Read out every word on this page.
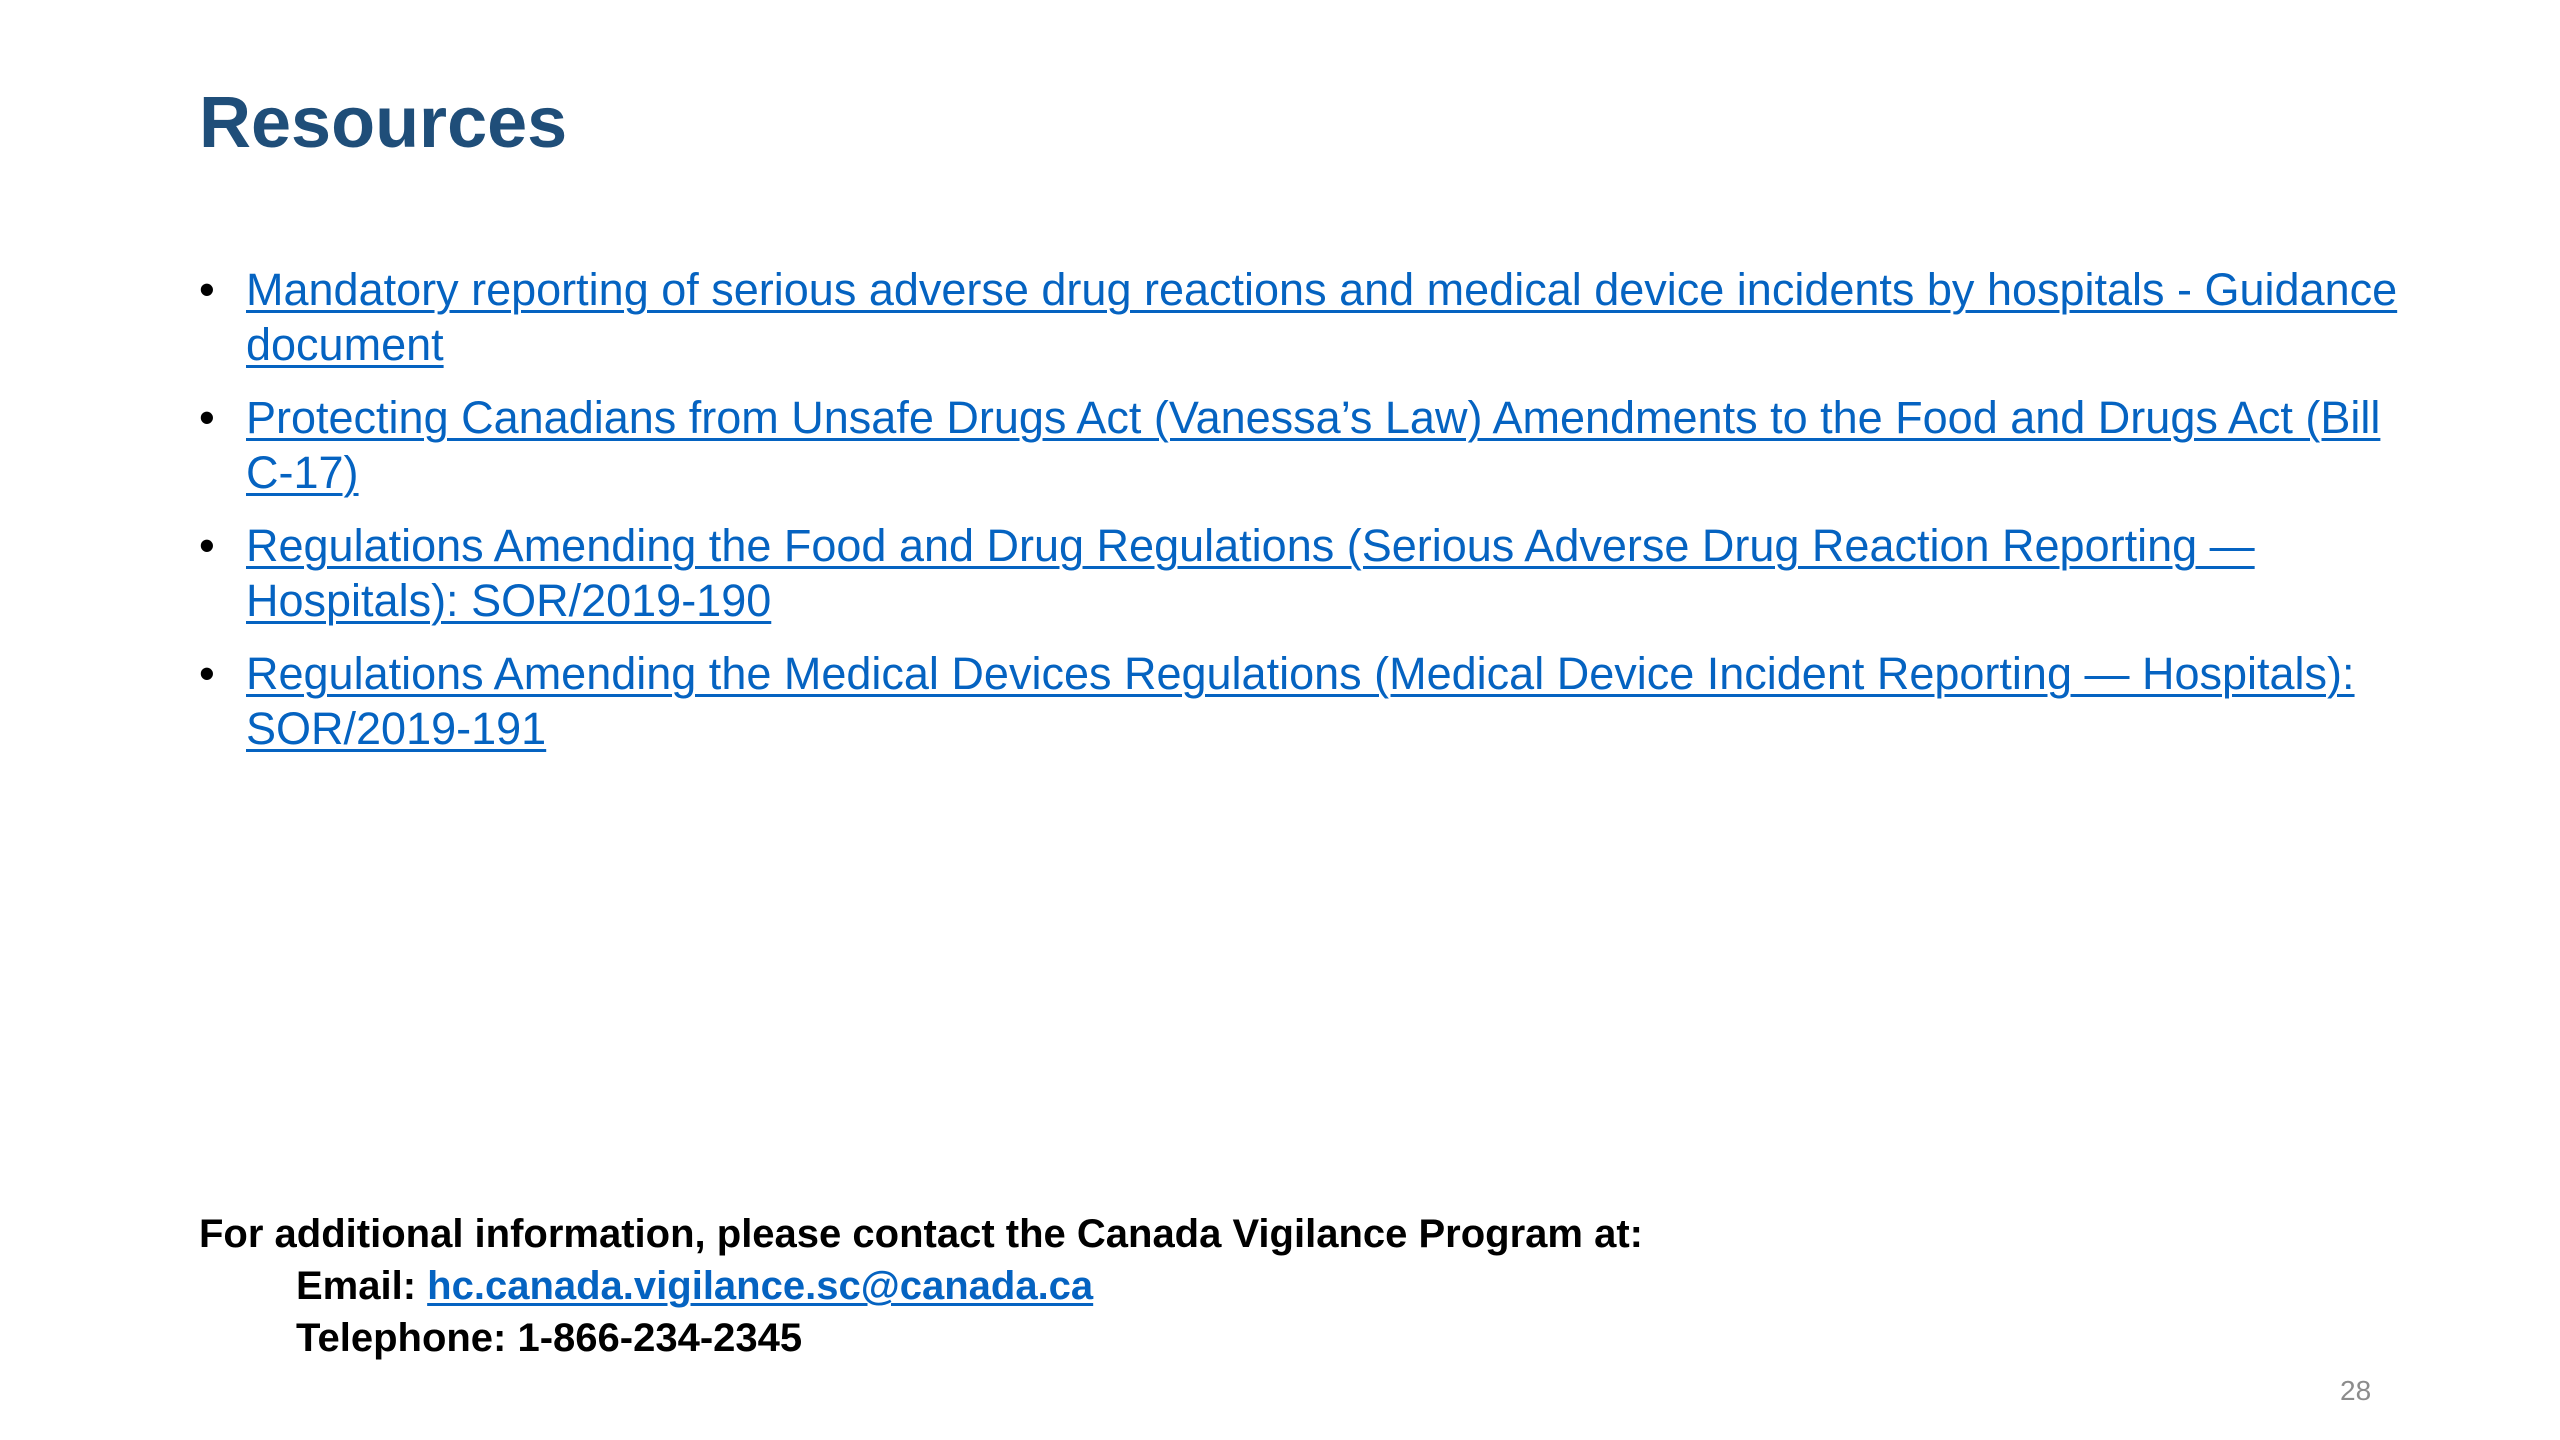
Resources
• Mandatory reporting of serious adverse drug reactions and medical device incidents by hospitals - Guidance document
• Protecting Canadians from Unsafe Drugs Act (Vanessa’s Law) Amendments to the Food and Drugs Act (Bill C-17)
• Regulations Amending the Food and Drug Regulations (Serious Adverse Drug Reaction Reporting — Hospitals): SOR/2019-190
• Regulations Amending the Medical Devices Regulations (Medical Device Incident Reporting — Hospitals): SOR/2019-191
For additional information, please contact the Canada Vigilance Program at:
Email: hc.canada.vigilance.sc@canada.ca
Telephone: 1-866-234-2345
28
